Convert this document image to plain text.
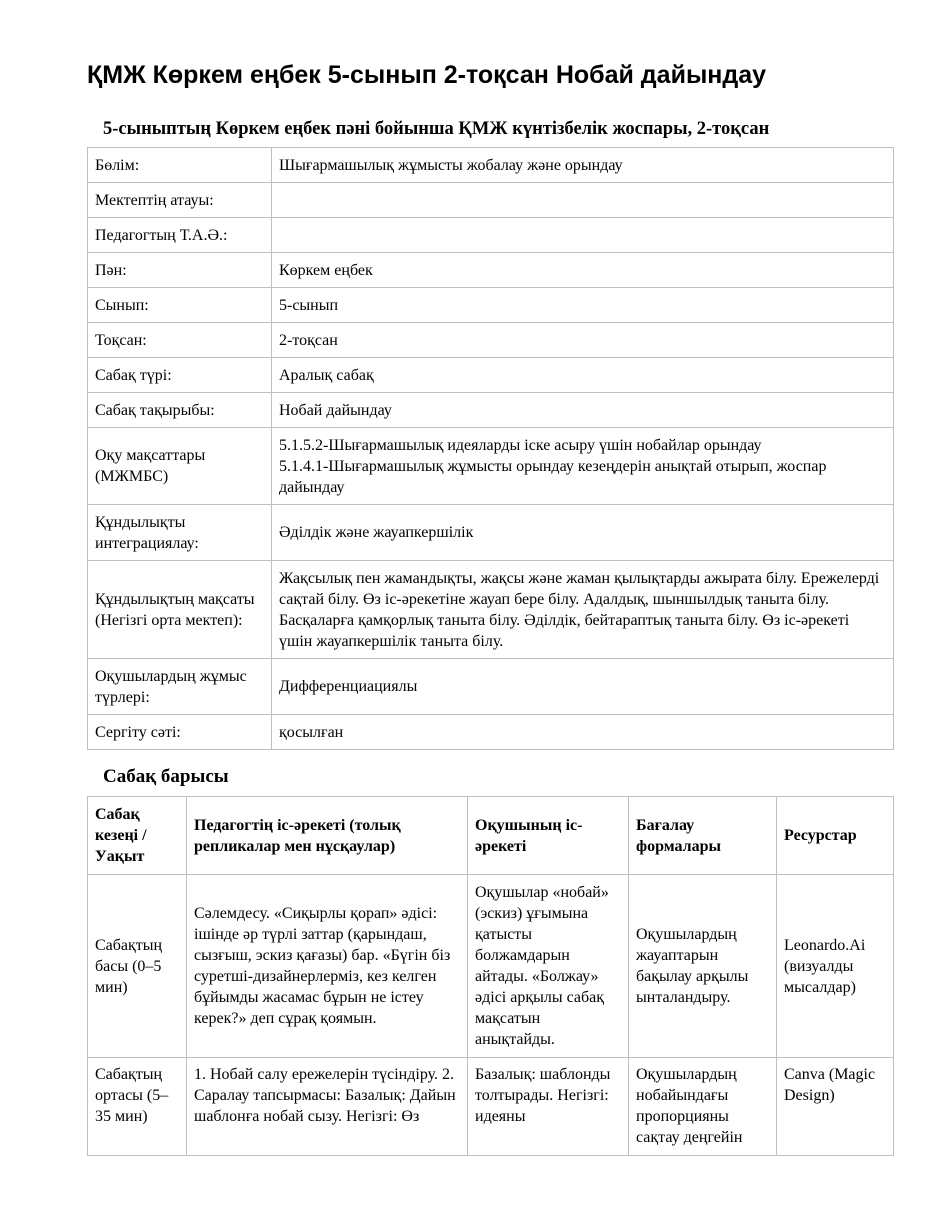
ҚМЖ Көркем еңбек 5-сынып 2-тоқсан Нобай дайындау
5-сыныптың Көркем еңбек пәні бойынша ҚМЖ күнтізбелік жоспары, 2-тоқсан
Бөлім:	Шығармашылық жұмысты жобалау және орындау
Мектептің атауы:	
Педагогтың Т.А.Ә.:	
Пән:	Көркем еңбек
Сынып:	5-сынып
Тоқсан:	2-тоқсан
Сабақ түрі:	Аралық сабақ
Сабақ тақырыбы:	Нобай дайындау
Оқу мақсаттары (МЖМБС)	5.1.5.2-Шығармашылық идеяларды іске асыру үшін нобайлар орындау
5.1.4.1-Шығармашылық жұмысты орындау кезеңдерін анықтай отырып, жоспар дайындау
Құндылықты интеграциялау:	Әділдік және жауапкершілік
Құндылықтың мақсаты (Негізгі орта мектеп):	Жақсылық пен жамандықты, жақсы және жаман қылықтарды ажырата білу. Ережелерді сақтай білу. Өз іс-әрекетіне жауап бере білу. Адалдық, шыншылдық таныта білу. Басқаларға қамқорлық таныта білу. Әділдік, бейтараптық таныта білу. Өз іс-әрекеті үшін жауапкершілік таныта білу.
Оқушылардың жұмыс түрлері:	Дифференциациялы
Сергіту сәті:	қосылған
Сабақ барысы
Сабақ кезеңі / Уақыт	Педагогтің іс-әрекеті (толық репликалар мен нұсқаулар)	Оқушының іс-әрекеті	Бағалау формалары	Ресурстар
Сабақтың басы (0–5 мин)	Сәлемдесу. «Сиқырлы қорап» әдісі: ішінде әр түрлі заттар (қарындаш, сызғыш, эскиз қағазы) бар. «Бүгін біз суретші-дизайнерлерміз, кез келген бұйымды жасамас бұрын не істеу керек?» деп сұрақ қоямын.	Оқушылар «нобай» (эскиз) ұғымына қатысты болжамдарын айтады. «Болжау» әдісі арқылы сабақ мақсатын анықтайды.	Оқушылардың жауаптарын бақылау арқылы ынталандыру.	Leonardo.Ai (визуалды мысалдар)
Сабақтың ортасы (5–35 мин)	1. Нобай салу ережелерін түсіндіру. 2. Саралау тапсырмасы: Базалық: Дайын шаблонға нобай сызу. Негізгі: Өз	Базалық: шаблонды толтырады. Негізгі: идеяны	Оқушылардың нобайындағы пропорцияны сақтау деңгейін	Canva (Magic Design)
